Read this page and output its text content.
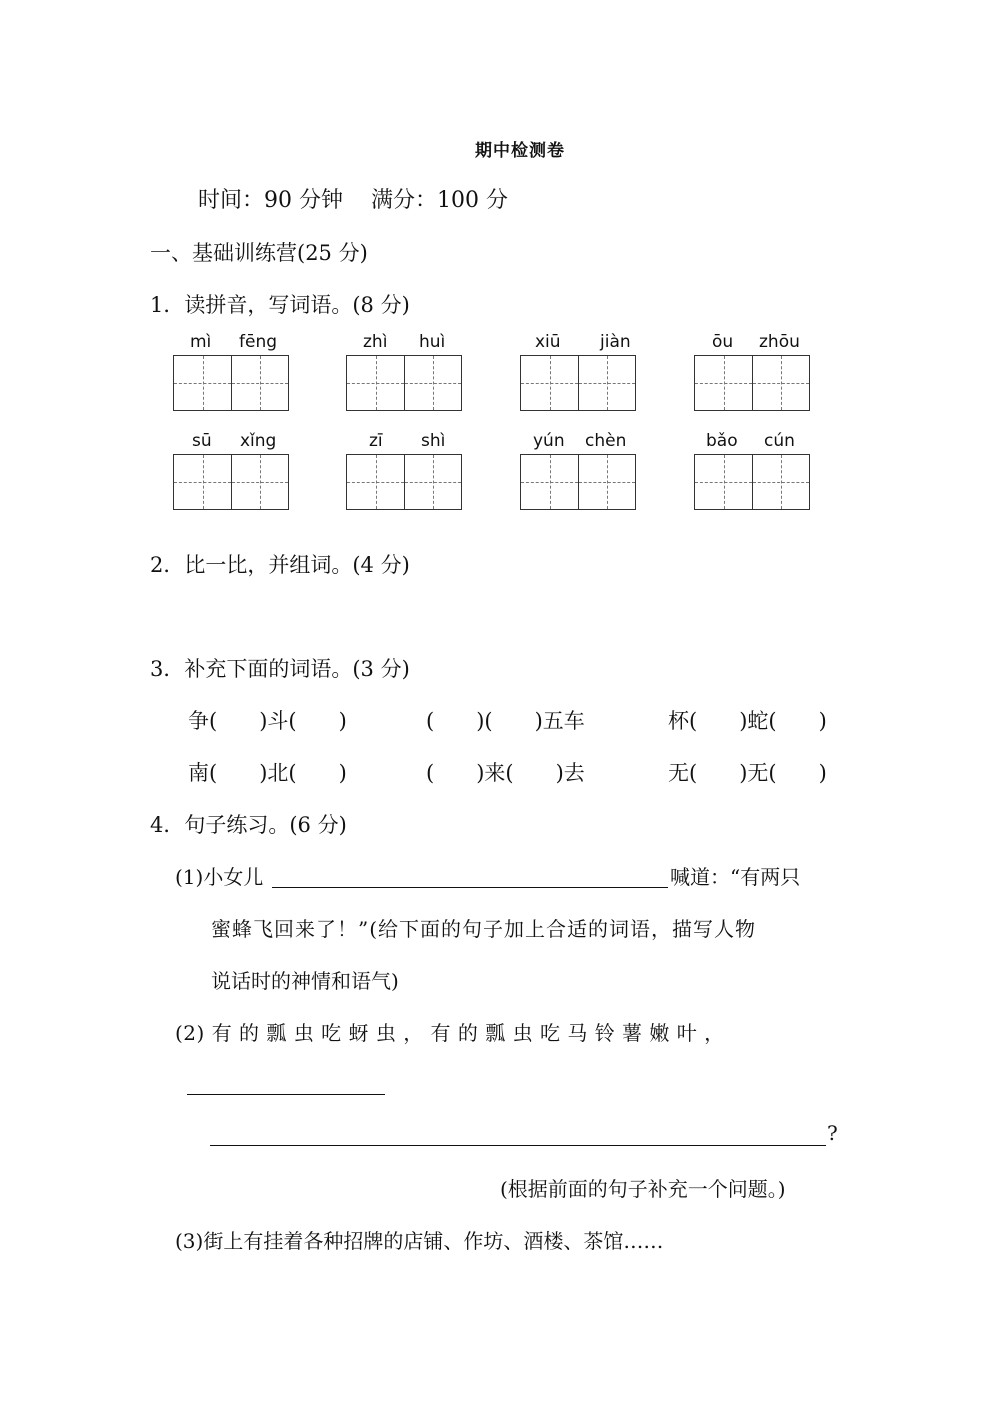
期中检测卷
时间：90 分钟 满分：100 分
一、基础训练营(25 分)
1．读拼音，写词语。(8 分)
mì fēng	zhì huì	xiū jiàn	ōu zhōu
sū xǐng	zī shì	yún chèn	bǎo cún
2．比一比，并组词。(4 分)
3．补充下面的词语。(3 分)
争(　　)斗(　　)	(　　)(　　)五车	杯(　　)蛇(　　)
南(　　)北(　　)	(　　)来(　　)去	无(　　)无(　　)
4．句子练习。(6 分)
(1)小女儿	喊道：“有两只
蜜蜂飞回来了！”(给下面的句子加上合适的词语，描写人物
说话时的神情和语气)
(2) 有 的 瓢 虫 吃 蚜 虫 ， 有 的 瓢 虫 吃 马 铃 薯 嫩 叶 ，
?
(根据前面的句子补充一个问题。)
(3)街上有挂着各种招牌的店铺、作坊、酒楼、茶馆……
